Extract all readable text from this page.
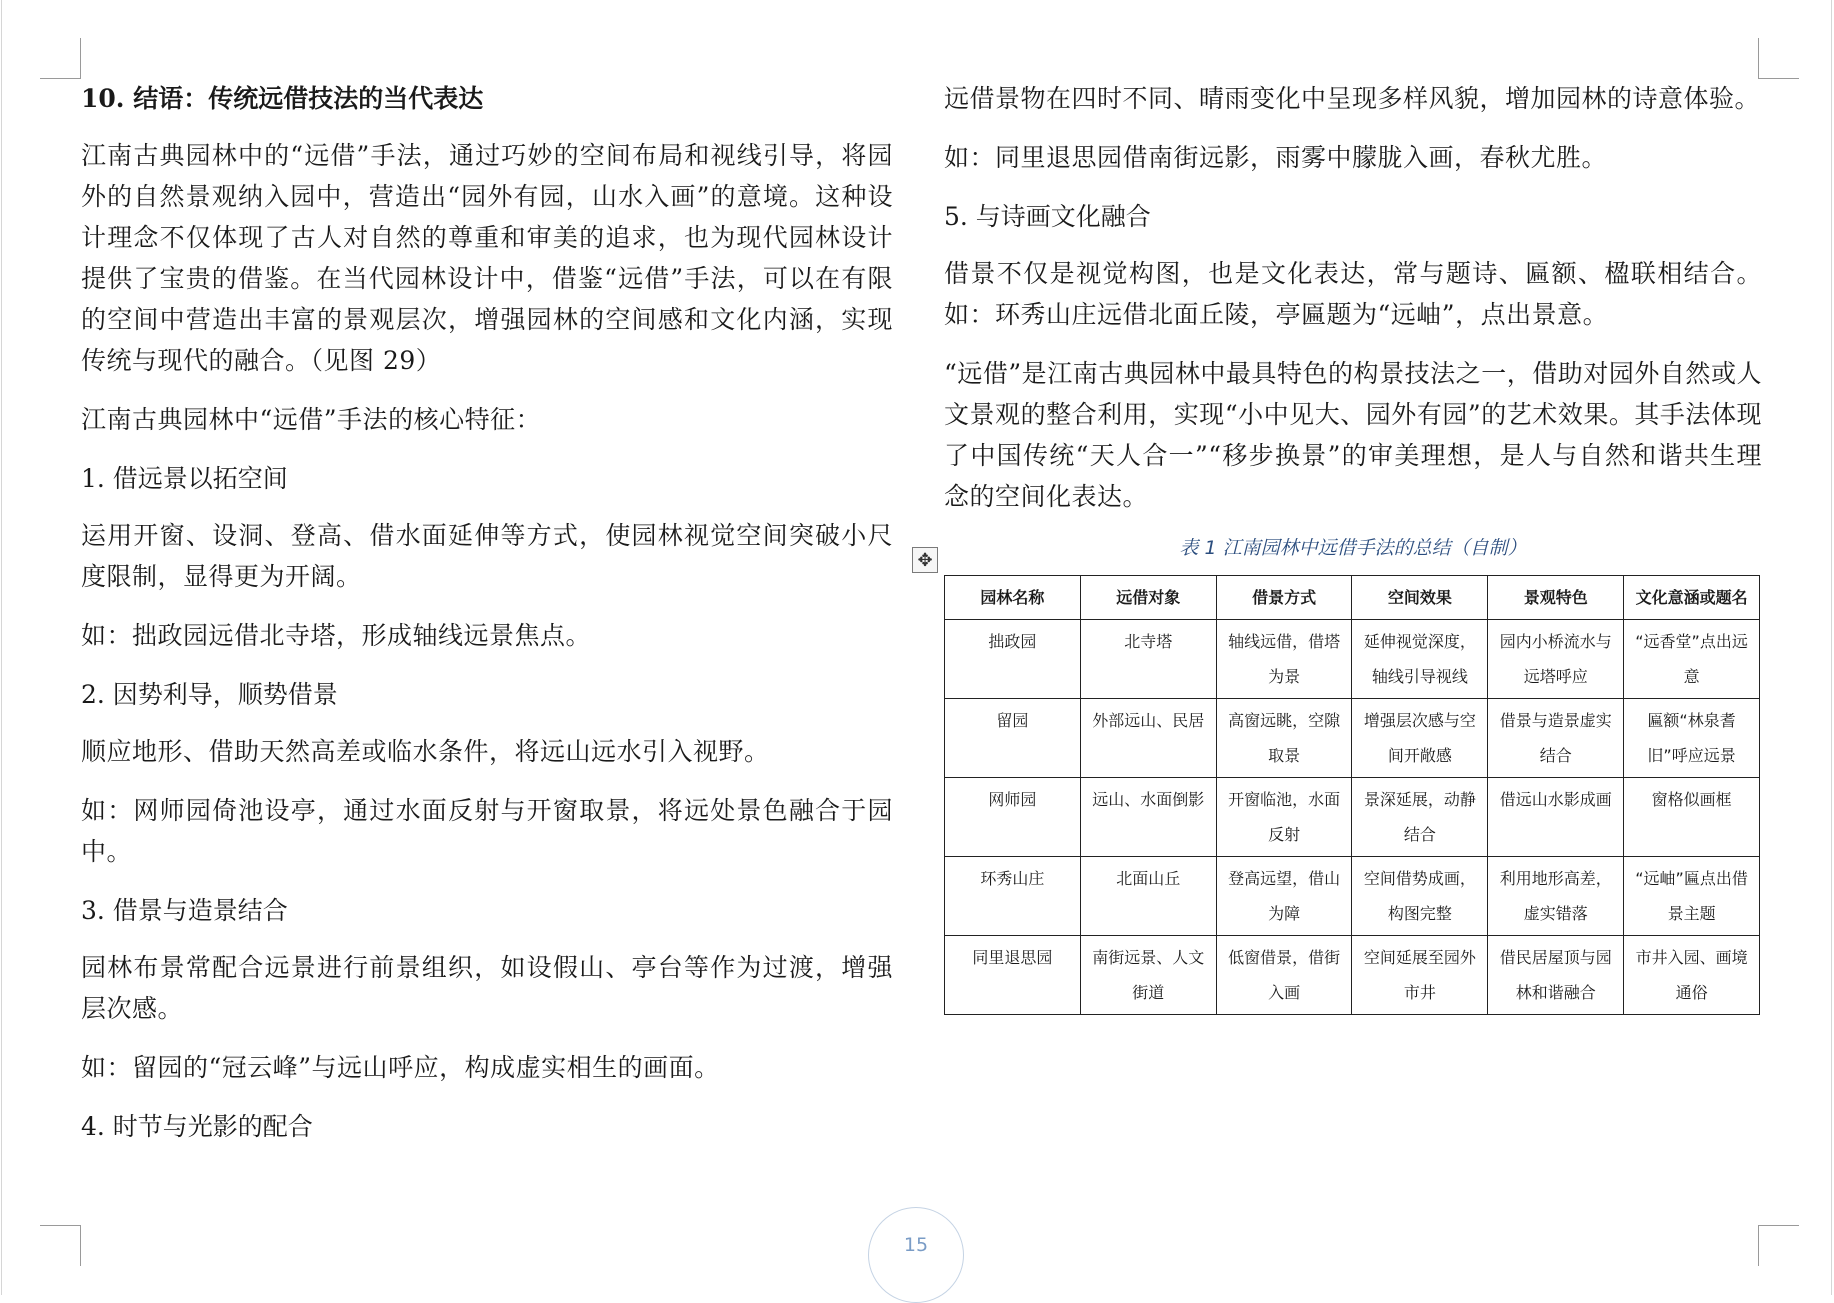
10. 结语：传统远借技法的当代表达

江南古典园林中的“远借”手法，通过巧妙的空间布局和视线引导，将园外的自然景观纳入园中，营造出“园外有园，山水入画”的意境。这种设计理念不仅体现了古人对自然的尊重和审美的追求，也为现代园林设计提供了宝贵的借鉴。在当代园林设计中，借鉴“远借”手法，可以在有限的空间中营造出丰富的景观层次，增强园林的空间感和文化内涵，实现传统与现代的融合。（见图 29）

江南古典园林中“远借”手法的核心特征：

1. 借远景以拓空间

运用开窗、设洞、登高、借水面延伸等方式，使园林视觉空间突破小尺度限制，显得更为开阔。

如：拙政园远借北寺塔，形成轴线远景焦点。

2. 因势利导，顺势借景

顺应地形、借助天然高差或临水条件，将远山远水引入视野。

如：网师园倚池设亭，通过水面反射与开窗取景，将远处景色融合于园中。

3. 借景与造景结合

园林布景常配合远景进行前景组织，如设假山、亭台等作为过渡，增强层次感。

如：留园的“冠云峰”与远山呼应，构成虚实相生的画面。

4. 时节与光影的配合

远借景物在四时不同、晴雨变化中呈现多样风貌，增加园林的诗意体验。

如：同里退思园借南街远影，雨雾中朦胧入画，春秋尤胜。

5. 与诗画文化融合

借景不仅是视觉构图，也是文化表达，常与题诗、匾额、楹联相结合。如：环秀山庄远借北面丘陵，亭匾题为“远岫”，点出景意。

“远借”是江南古典园林中最具特色的构景技法之一，借助对园外自然或人文景观的整合利用，实现“小中见大、园外有园”的艺术效果。其手法体现了中国传统“天人合一”“移步换景”的审美理想，是人与自然和谐共生理念的空间化表达。

表 1 江南园林中远借手法的总结（自制）
✥
园林名称	远借对象	借景方式	空间效果	景观特色	文化意涵或题名
拙政园	北寺塔	轴线远借，借塔为景	延伸视觉深度，轴线引导视线	园内小桥流水与远塔呼应	“远香堂”点出远意
留园	外部远山、民居	高窗远眺，空隙取景	增强层次感与空间开敞感	借景与造景虚实结合	匾额“林泉耆旧”呼应远景
网师园	远山、水面倒影	开窗临池，水面反射	景深延展，动静结合	借远山水影成画	窗格似画框
环秀山庄	北面山丘	登高远望，借山为障	空间借势成画，构图完整	利用地形高差，虚实错落	“远岫”匾点出借景主题
同里退思园	南街远景、人文街道	低窗借景，借街入画	空间延展至园外市井	借民居屋顶与园林和谐融合	市井入园、画境通俗
15
